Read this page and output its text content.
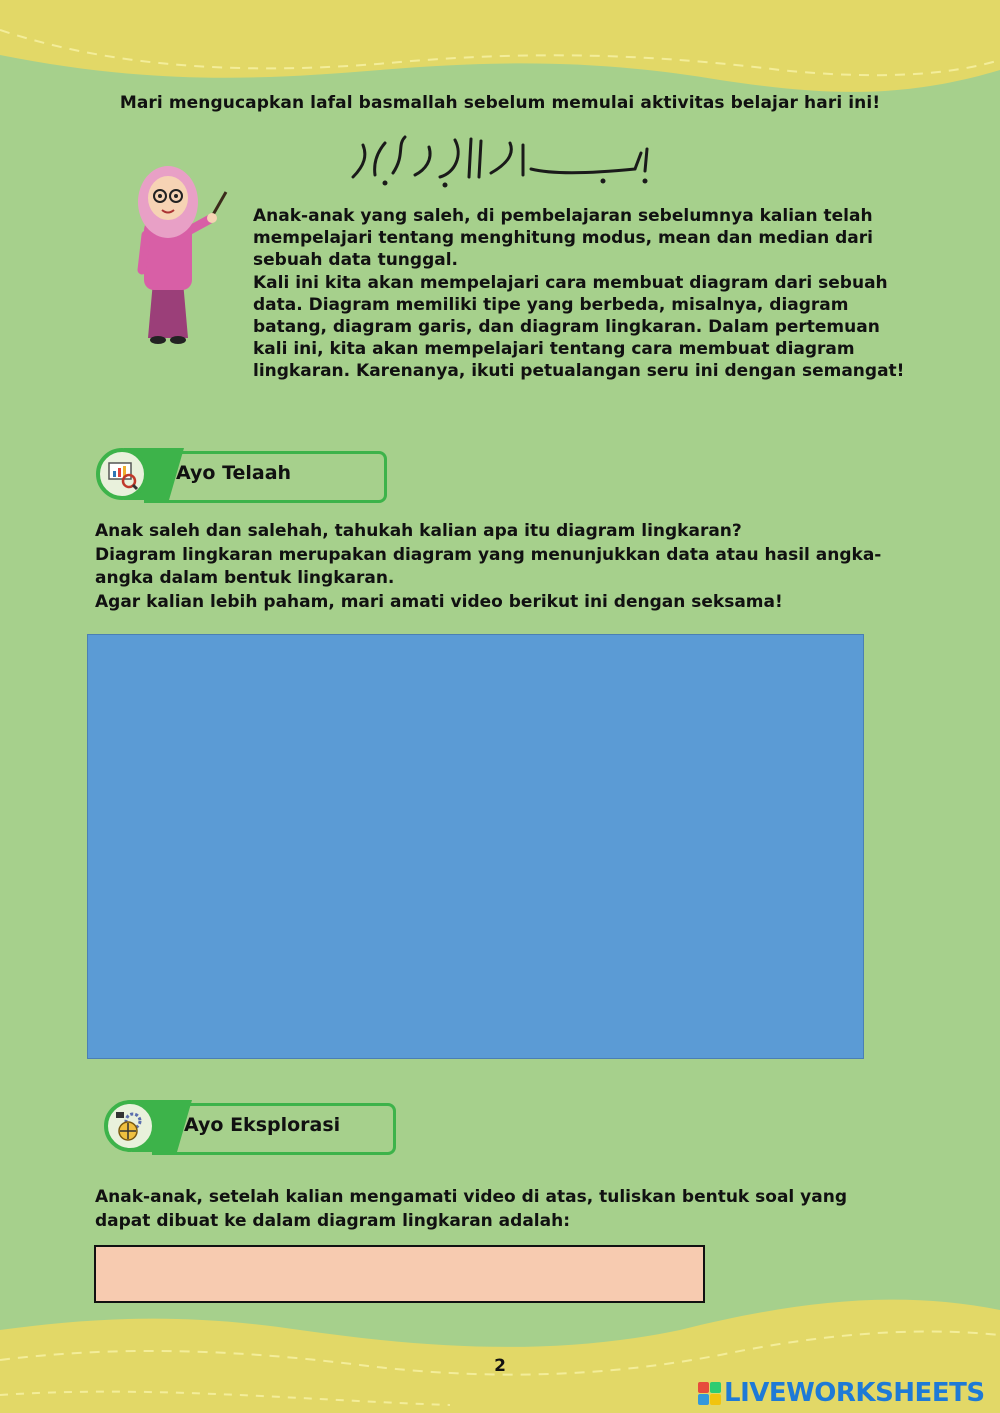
Mari mengucapkan lafal basmallah sebelum memulai aktivitas belajar hari ini!

Anak-anak yang saleh, di pembelajaran sebelumnya kalian telah mempelajari tentang menghitung modus, mean dan median dari sebuah data tunggal.

Kali ini kita akan mempelajari cara membuat diagram dari sebuah data. Diagram memiliki tipe yang berbeda, misalnya, diagram batang, diagram garis, dan diagram lingkaran. Dalam pertemuan kali ini, kita akan mempelajari tentang cara membuat diagram lingkaran. Karenanya, ikuti petualangan seru ini dengan semangat!

Ayo Telaah

Anak saleh dan salehah, tahukah kalian apa itu diagram lingkaran?

Diagram lingkaran merupakan diagram yang menunjukkan data atau hasil angka-angka dalam bentuk lingkaran.

Agar kalian lebih paham, mari amati video berikut ini dengan seksama!

Ayo Eksplorasi
Anak-anak, setelah kalian mengamati video di atas, tuliskan bentuk soal yang dapat dibuat ke dalam diagram lingkaran adalah:
2
LIVEWORKSHEETS
